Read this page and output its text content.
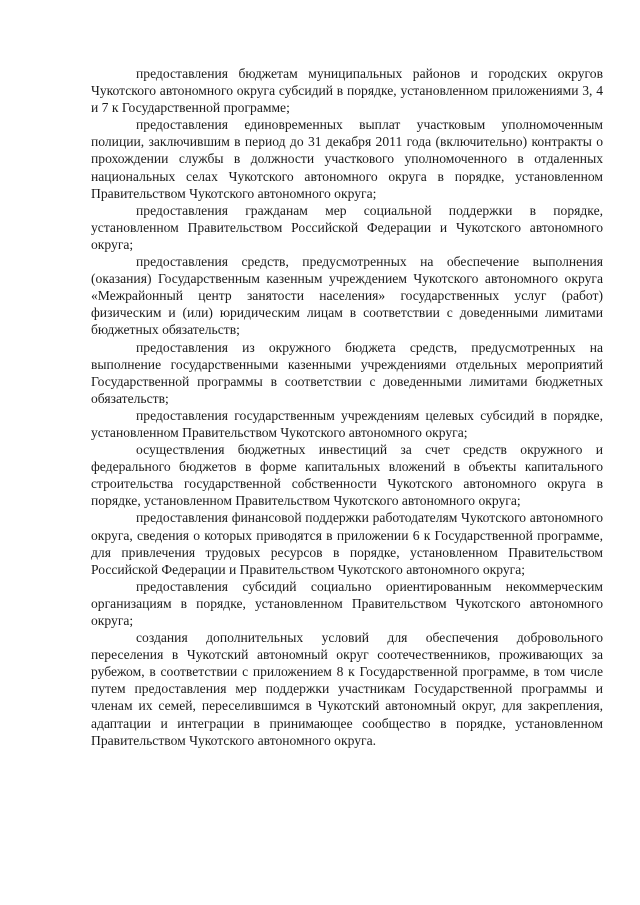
предоставления бюджетам муниципальных районов и городских округов Чукотского автономного округа субсидий в порядке, установленном приложениями 3, 4 и 7 к Государственной программе;

предоставления единовременных выплат участковым уполномоченным полиции, заключившим в период до 31 декабря 2011 года (включительно) контракты о прохождении службы в должности участкового уполномоченного в отдаленных национальных селах Чукотского автономного округа в порядке, установленном Правительством Чукотского автономного округа;

предоставления гражданам мер социальной поддержки в порядке, установленном Правительством Российской Федерации и Чукотского автономного округа;

предоставления средств, предусмотренных на обеспечение выполнения (оказания) Государственным казенным учреждением Чукотского автономного округа «Межрайонный центр занятости населения» государственных услуг (работ) физическим и (или) юридическим лицам в соответствии с доведенными лимитами бюджетных обязательств;

предоставления из окружного бюджета средств, предусмотренных на выполнение государственными казенными учреждениями отдельных мероприятий Государственной программы в соответствии с доведенными лимитами бюджетных обязательств;

предоставления государственным учреждениям целевых субсидий в порядке, установленном Правительством Чукотского автономного округа;

осуществления бюджетных инвестиций за счет средств окружного и федерального бюджетов в форме капитальных вложений в объекты капитального строительства государственной собственности Чукотского автономного округа в порядке, установленном Правительством Чукотского автономного округа;

предоставления финансовой поддержки работодателям Чукотского автономного округа, сведения о которых приводятся в приложении 6 к Государственной программе, для привлечения трудовых ресурсов в порядке, установленном Правительством Российской Федерации и Правительством Чукотского автономного округа;

предоставления субсидий социально ориентированным некоммерческим организациям в порядке, установленном Правительством Чукотского автономного округа;

создания дополнительных условий для обеспечения добровольного переселения в Чукотский автономный округ соотечественников, проживающих за рубежом, в соответствии с приложением 8 к Государственной программе, в том числе путем предоставления мер поддержки участникам Государственной программы и членам их семей, переселившимся в Чукотский автономный округ, для закрепления, адаптации и интеграции в принимающее сообщество в порядке, установленном Правительством Чукотского автономного округа.
